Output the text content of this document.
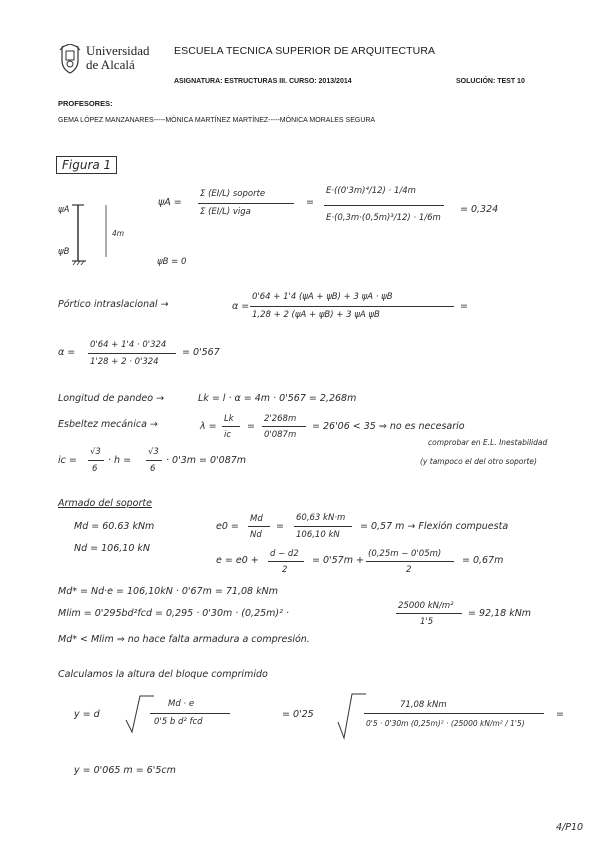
Universidad
de Alcalá
ESCUELA TECNICA SUPERIOR DE ARQUITECTURA
ASIGNATURA: ESTRUCTURAS III. CURSO: 2013/2014	SOLUCIÓN: TEST 10
PROFESORES:
GEMA LÓPEZ MANZANARES-----MÓNICA MARTÍNEZ MARTÍNEZ-----MÓNICA MORALES SEGURA
Figura 1
ψA
ψB
4m
ψB = 0
ψA =
Σ (EI/L) soporte
Σ (EI/L) viga
=
E·((0'3m)⁴/12) · 1/4m
E·(0,3m·(0,5m)³/12) · 1/6m
= 0,324
Pórtico intraslacional →	α =
0'64 + 1'4 (ψA + ψB) + 3 ψA · ψB
1,28 + 2 (ψA + ψB) + 3 ψA ψB
=
α =
0'64 + 1'4 · 0'324
1'28 + 2 · 0'324
= 0'567
Longitud de pandeo →	Lk = l · α = 4m · 0'567 = 2,268m
Esbeltez mecánica →	λ =
Lk
ic
=
2'268m
0'087m
= 26'06 < 35 ⇒ no es necesario
comprobar en E.L. Inestabilidad
(y tampoco el del otro soporte)
ic =
√3
6
· h =
√3
6
· 0'3m = 0'087m
Armado del soporte
Md = 60.63 kNm
Nd = 106,10 kN
e0 =
Md
Nd
=
60,63 kN·m
106,10 kN
= 0,57 m → Flexión compuesta
e = e0 +
d − d2
2
= 0'57m +
(0,25m − 0'05m)
2
= 0,67m
Md* = Nd·e = 106,10kN · 0'67m = 71,08 kNm
Mlim = 0'295bd²fcd = 0,295 · 0'30m · (0,25m)² ·
25000 kN/m²
1'5
= 92,18 kNm
Md* < Mlim ⇒ no hace falta armadura a compresión.
Calculamos la altura del bloque comprimido
y = d
Md · e
0'5 b d² fcd
= 0'25
71,08 kNm
0'5 · 0'30m (0,25m)² · (25000 kN/m² / 1'5)
=
y = 0'065 m = 6'5cm
4/P10
